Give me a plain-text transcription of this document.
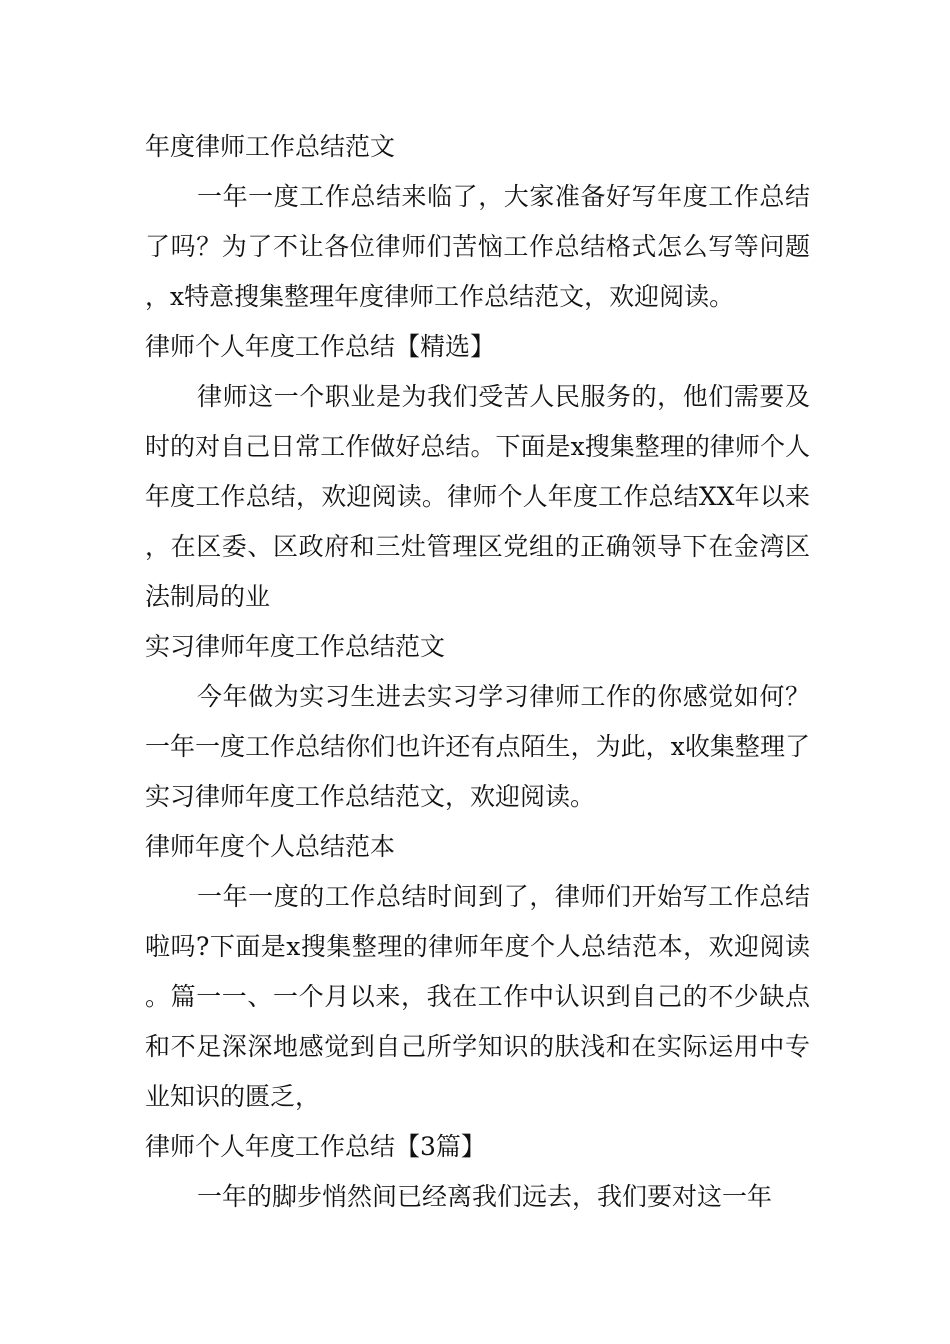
年度律师工作总结范文

一年一度工作总结来临了，大家准备好写年度工作总结了吗？为了不让各位律师们苦恼工作总结格式怎么写等问题，x特意搜集整理年度律师工作总结范文，欢迎阅读。

律师个人年度工作总结【精选】

律师这一个职业是为我们受苦人民服务的，他们需要及时的对自己日常工作做好总结。下面是x搜集整理的律师个人年度工作总结，欢迎阅读。律师个人年度工作总结XX年以来，在区委、区政府和三灶管理区党组的正确领导下在金湾区法制局的业

实习律师年度工作总结范文

今年做为实习生进去实习学习律师工作的你感觉如何？一年一度工作总结你们也许还有点陌生，为此，x收集整理了实习律师年度工作总结范文，欢迎阅读。

律师年度个人总结范本

一年一度的工作总结时间到了，律师们开始写工作总结啦吗?下面是x搜集整理的律师年度个人总结范本，欢迎阅读。篇一一、一个月以来，我在工作中认识到自己的不少缺点和不足深深地感觉到自己所学知识的肤浅和在实际运用中专业知识的匮乏，

律师个人年度工作总结【3篇】

一年的脚步悄然间已经离我们远去，我们要对这一年
